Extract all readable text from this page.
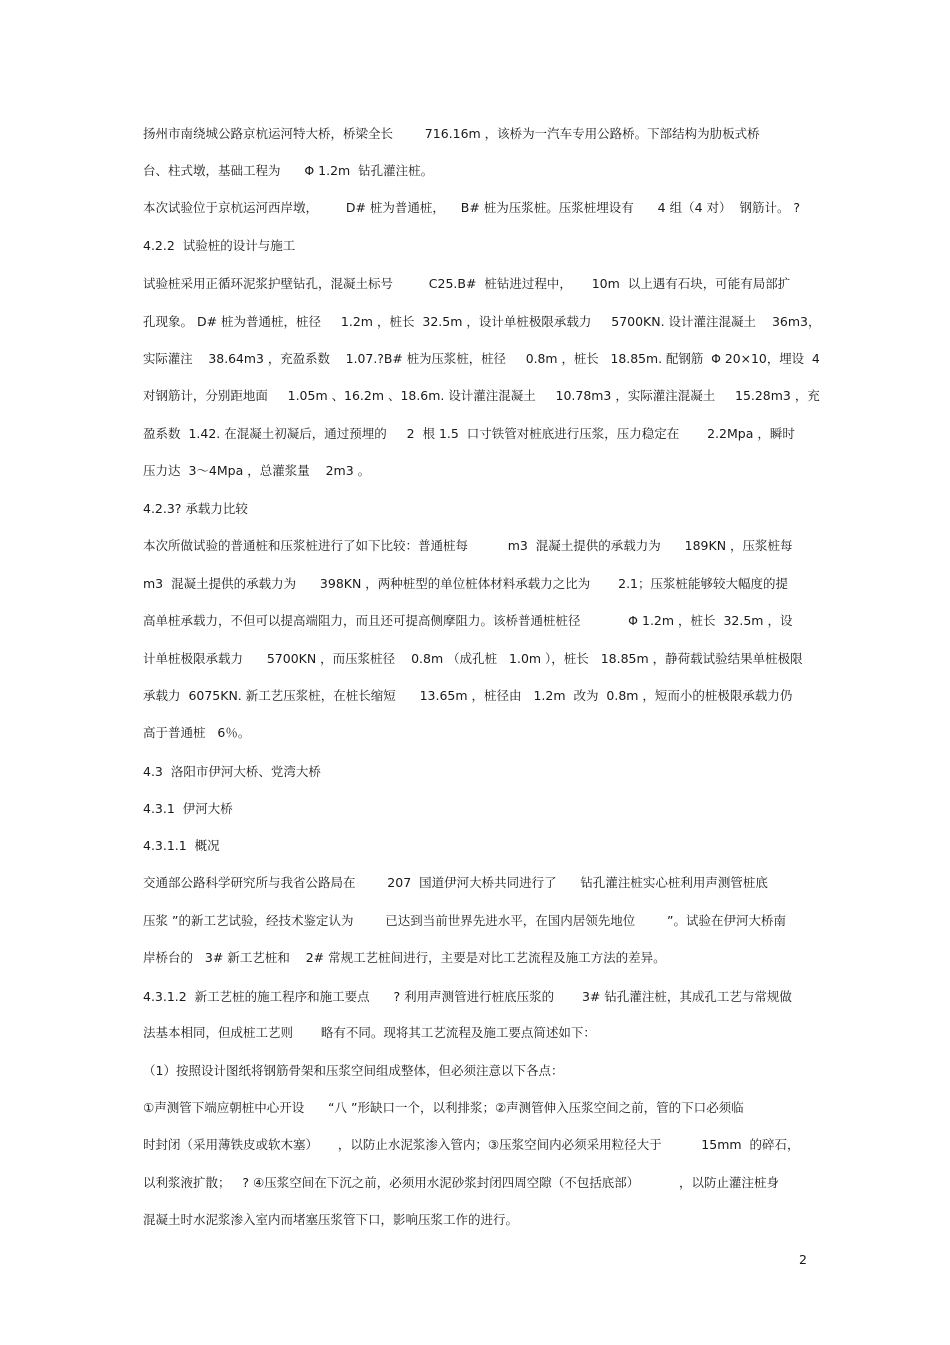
扬州市南绕城公路京杭运河特大桥，桥梁全长        716.16m ，该桥为一汽车专用公路桥。下部结构为肋板式桥
台、柱式墩，基础工程为      Φ 1.2m  钻孔灌注桩。
本次试验位于京杭运河西岸墩，       D# 桩为普通桩，    B# 桩为压浆桩。压浆桩埋设有      4 组（4 对）  钢筋计。 ?
4.2.2  试验桩的设计与施工
试验桩采用正循环泥浆护壁钻孔，混凝土标号         C25.B#  桩钻进过程中，     10m  以上遇有石块，可能有局部扩
孔现象。 D# 桩为普通桩，桩径     1.2m ，桩长  32.5m ，设计单桩极限承载力     5700KN. 设计灌注混凝土    36m3，
实际灌注    38.64m3 ，充盈系数    1.07.?B# 桩为压浆桩，桩径     0.8m ，桩长   18.85m. 配钢筋  Φ 20×10，埋设  4
对钢筋计，分别距地面     1.05m 、16.2m 、18.6m. 设计灌注混凝土     10.78m3 ，实际灌注混凝土     15.28m3 ，充
盈系数  1.42. 在混凝土初凝后，通过预埋的     2  根 1.5  口寸铁管对桩底进行压浆，压力稳定在       2.2Mpa ，瞬时
压力达  3～4Mpa ，总灌浆量    2m3 。
4.2.3? 承载力比较
本次所做试验的普通桩和压浆桩进行了如下比较：普通桩每          m3  混凝土提供的承载力为      189KN ，压浆桩每
m3  混凝土提供的承载力为      398KN ，两种桩型的单位桩体材料承载力之比为       2.1；压浆桩能够较大幅度的提
高单桩承载力，不但可以提高端阻力，而且还可提高侧摩阻力。该桥普通桩桩径            Φ 1.2m ，桩长  32.5m ，设
计单桩极限承载力      5700KN ，而压浆桩径    0.8m （成孔桩   1.0m ），桩长   18.85m ，静荷载试验结果单桩极限
承载力  6075KN. 新工艺压浆桩，在桩长缩短      13.65m ，桩径由   1.2m  改为  0.8m ，短而小的桩极限承载力仍
高于普通桩   6％。
4.3  洛阳市伊河大桥、党湾大桥
4.3.1  伊河大桥
4.3.1.1  概况
交通部公路科学研究所与我省公路局在        207  国道伊河大桥共同进行了      钻孔灌注桩实心桩利用声测管桩底
压浆 ”的新工艺试验，经技术鉴定认为        已达到当前世界先进水平，在国内居领先地位        ”。试验在伊河大桥南
岸桥台的   3# 新工艺桩和    2# 常规工艺桩间进行，主要是对比工艺流程及施工方法的差异。
4.3.1.2  新工艺桩的施工程序和施工要点      ? 利用声测管进行桩底压浆的       3# 钻孔灌注桩，其成孔工艺与常规做
法基本相同，但成桩工艺则       略有不同。现将其工艺流程及施工要点简述如下：
（1）按照设计图纸将钢筋骨架和压浆空间组成整体，但必须注意以下各点：
①声测管下端应朝桩中心开设      “八 ”形缺口一个，以利排浆；②声测管伸入压浆空间之前，管的下口必须临
时封闭（采用薄铁皮或软木塞）     ，以防止水泥浆渗入管内；③压浆空间内必须采用粒径大于          15mm  的碎石，
以利浆液扩散；   ? ④压浆空间在下沉之前，必须用水泥砂浆封闭四周空隙（不包括底部）          ，以防止灌注桩身
混凝土时水泥浆渗入室内而堵塞压浆管下口，影响压浆工作的进行。
2
